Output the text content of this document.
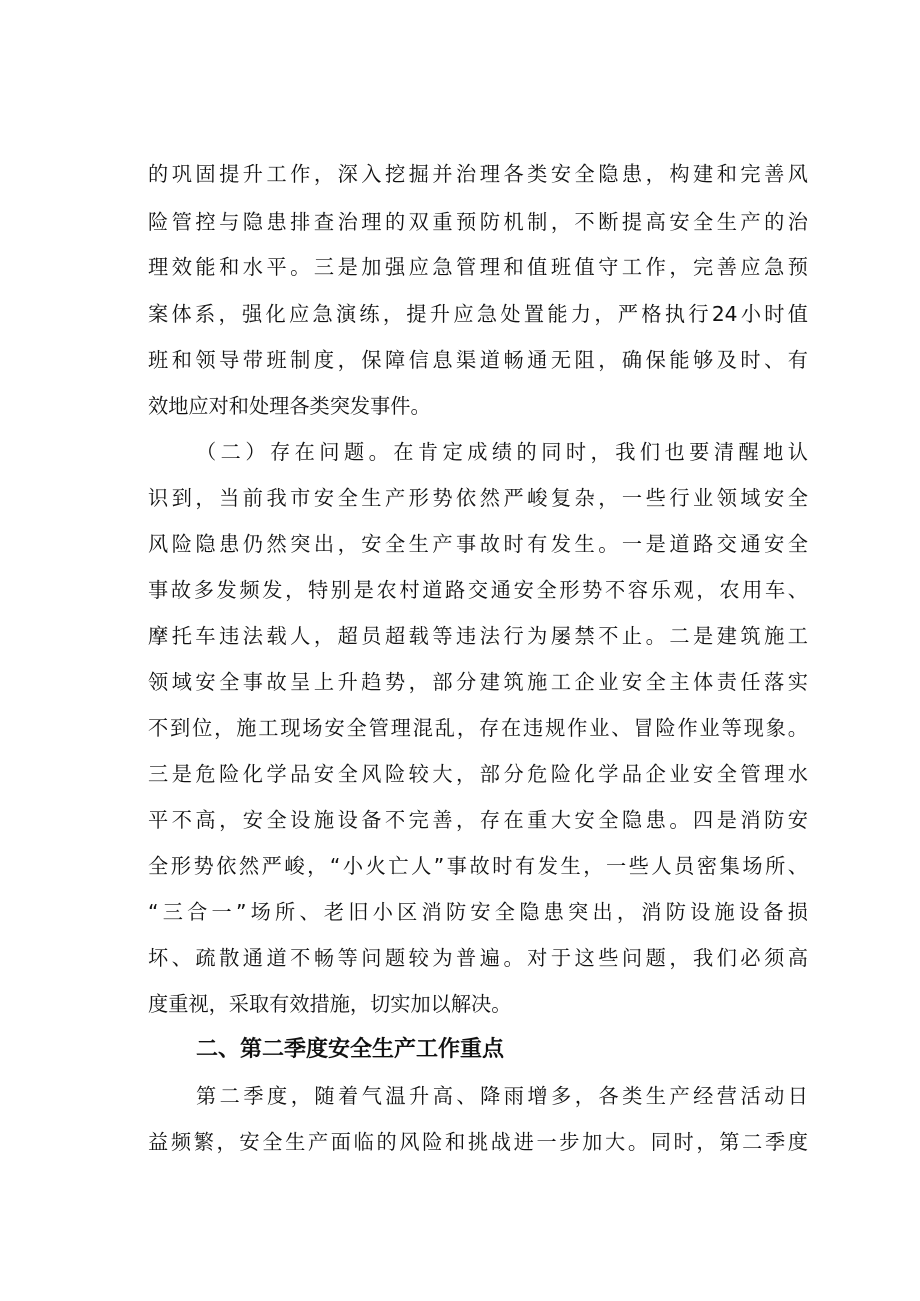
的巩固提升工作，深入挖掘并治理各类安全隐患，构建和完善风

险管控与隐患排查治理的双重预防机制，不断提高安全生产的治

理效能和水平。三是加强应急管理和值班值守工作，完善应急预

案体系，强化应急演练，提升应急处置能力，严格执行24小时值

班和领导带班制度，保障信息渠道畅通无阻，确保能够及时、有

效地应对和处理各类突发事件。

（二）存在问题。在肯定成绩的同时，我们也要清醒地认

识到，当前我市安全生产形势依然严峻复杂，一些行业领域安全

风险隐患仍然突出，安全生产事故时有发生。一是道路交通安全

事故多发频发，特别是农村道路交通安全形势不容乐观，农用车、

摩托车违法载人，超员超载等违法行为屡禁不止。二是建筑施工

领域安全事故呈上升趋势，部分建筑施工企业安全主体责任落实

不到位，施工现场安全管理混乱，存在违规作业、冒险作业等现象。

三是危险化学品安全风险较大，部分危险化学品企业安全管理水

平不高，安全设施设备不完善，存在重大安全隐患。四是消防安

全形势依然严峻，“小火亡人”事故时有发生，一些人员密集场所、

“三合一”场所、老旧小区消防安全隐患突出，消防设施设备损

坏、疏散通道不畅等问题较为普遍。对于这些问题，我们必须高

度重视，采取有效措施，切实加以解决。

二、第二季度安全生产工作重点

第二季度，随着气温升高、降雨增多，各类生产经营活动日

益频繁，安全生产面临的风险和挑战进一步加大。同时，第二季度
